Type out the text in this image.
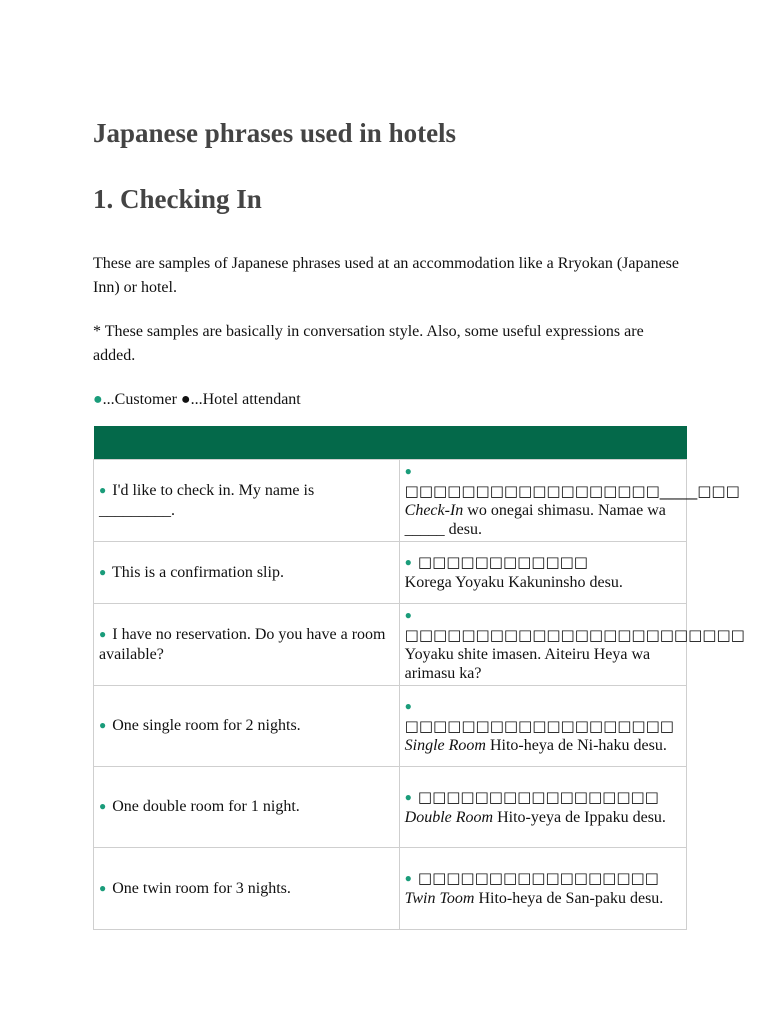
Japanese phrases used in hotels
1. Checking In

These are samples of Japanese phrases used at an accommodation like a Rryokan (Japanese Inn) or hotel.

* These samples are basically in conversation style. Also, some useful expressions are added.

●...Customer ●...Hotel attendant

● I'd like to check in. My name is _________.	● □□□□□□□□□□□□□□□□□□_____□□□
Check-In wo onegai shimasu. Namae wa _____ desu.
● This is a confirmation slip.	● □□□□□□□□□□□□
Korega Yoyaku Kakuninsho desu.
● I have no reservation. Do you have a room available?	● □□□□□□□□□□□□□□□□□□□□□□□□
Yoyaku shite imasen. Aiteiru Heya wa arimasu ka?
● One single room for 2 nights.	● □□□□□□□□□□□□□□□□□□□
Single Room Hito-heya de Ni-haku desu.
● One double room for 1 night.	● □□□□□□□□□□□□□□□□□
Double Room Hito-yeya de Ippaku desu.
● One twin room for 3 nights.	● □□□□□□□□□□□□□□□□□
Twin Toom Hito-heya de San-paku desu.
